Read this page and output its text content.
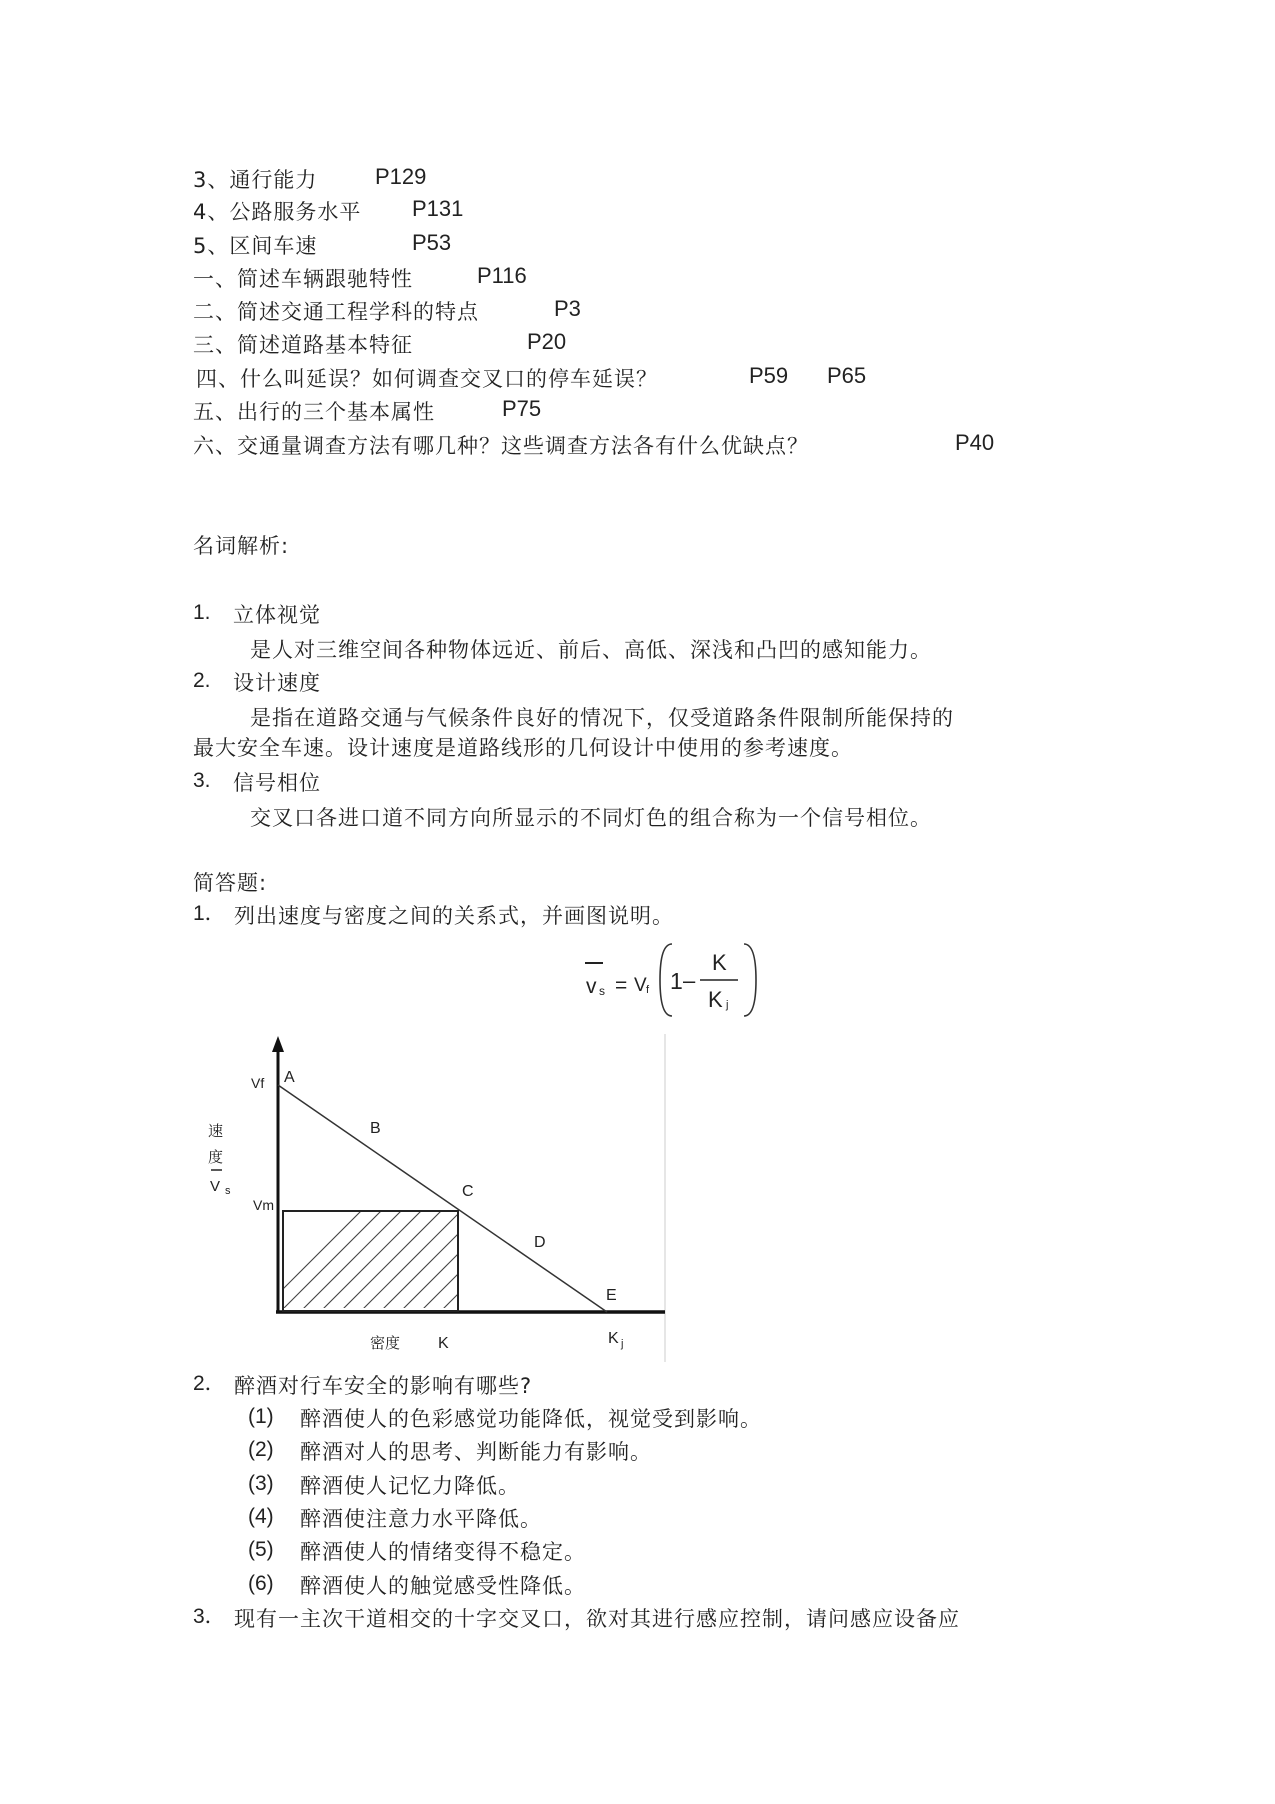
3、通行能力	P129
4、公路服务水平 P131
5、区间车速	P53
一、简述车辆跟驰特性	P116
二、简述交通工程学科的特点	P3
三、简述道路基本特征	P20
四、什么叫延误？如何调查交叉口的停车延误？	P59 P65
五、出行的三个基本属性	P75
六、交通量调查方法有哪几种？这些调查方法各有什么优缺点？	P40
名词解析:
1. 立体视觉
是人对三维空间各种物体远近、前后、高低、深浅和凸凹的感知能力。
2. 设计速度
是指在道路交通与气候条件良好的情况下，仅受道路条件限制所能保持的
最大安全车速。设计速度是道路线形的几何设计中使用的参考速度。
3. 信号相位
交叉口各进口道不同方向所显示的不同灯色的组合称为一个信号相位。
简答题:
1． 列出速度与密度之间的关系式，并画图说明。
v s = V f 1 –
K
K j
Vf
Vm
A
B
C
D
E
速
度
V s
密度 K	K j
2． 醉酒对行车安全的影响有哪些?
(1) 醉酒使人的色彩感觉功能降低，视觉受到影响。
(2) 醉酒对人的思考、判断能力有影响。
(3) 醉酒使人记忆力降低。
(4) 醉酒使注意力水平降低。
(5) 醉酒使人的情绪变得不稳定。
(6) 醉酒使人的触觉感受性降低。
3． 现有一主次干道相交的十字交叉口，欲对其进行感应控制，请问感应设备应
